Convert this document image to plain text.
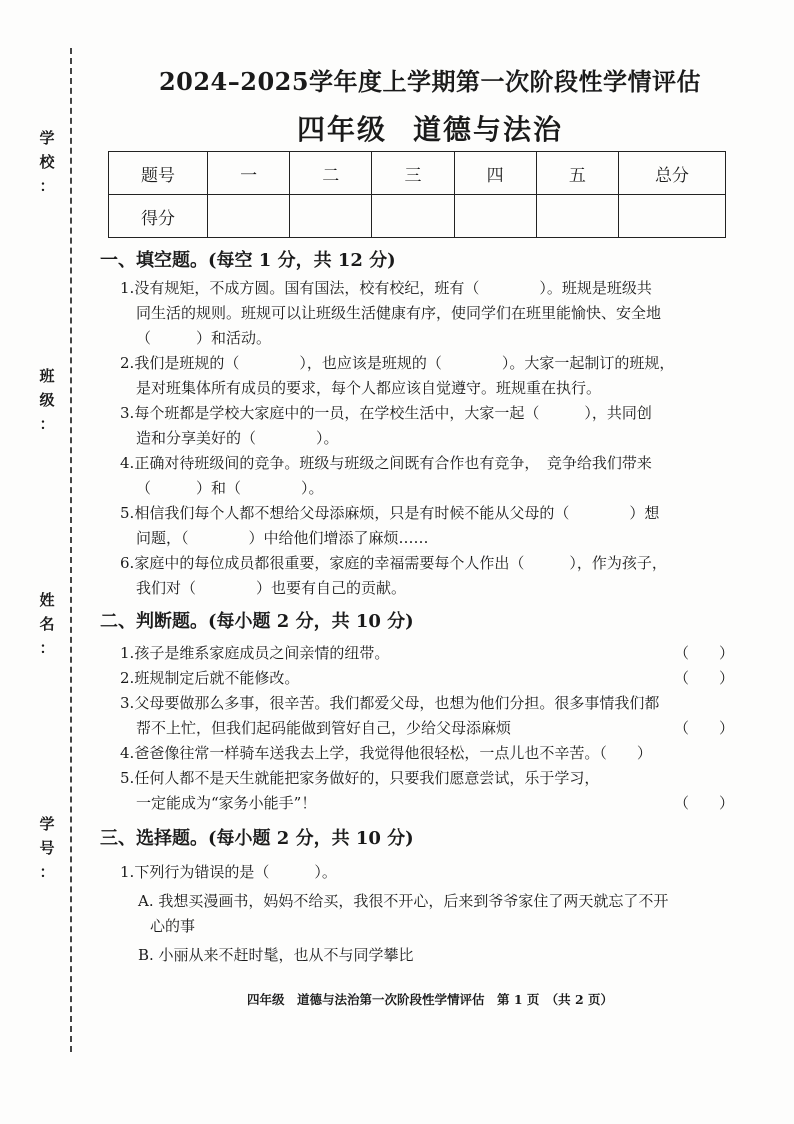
学
校
：
班
级
：
姓
名
：
学
号
：
2024–2025学年度上学期第一次阶段性学情评估
四年级 道德与法治
题号	一	二	三	四	五	总分
得分						
一、填空题。(每空 1 分，共 12 分)
1.没有规矩，不成方圆。国有国法，校有校纪，班有（　　　　）。班规是班级共
同生活的规则。班规可以让班级生活健康有序，使同学们在班里能愉快、安全地
（　　　）和活动。
2.我们是班规的（　　　　），也应该是班规的（　　　　）。大家一起制订的班规，
是对班集体所有成员的要求，每个人都应该自觉遵守。班规重在执行。
3.每个班都是学校大家庭中的一员，在学校生活中，大家一起（　　　），共同创
造和分享美好的（　　　　）。
4.正确对待班级间的竞争。班级与班级之间既有合作也有竞争，　竞争给我们带来
（　　　）和（　　　　）。
5.相信我们每个人都不想给父母添麻烦，只是有时候不能从父母的（　　　　）想
问题，（　　　　）中给他们增添了麻烦……
6.家庭中的每位成员都很重要，家庭的幸福需要每个人作出（　　　），作为孩子，
我们对（　　　　）也要有自己的贡献。
二、判断题。(每小题 2 分，共 10 分)
1.孩子是维系家庭成员之间亲情的纽带。	（　　）
2.班规制定后就不能修改。	（　　）
3.父母要做那么多事，很辛苦。我们都爱父母，也想为他们分担。很多事情我们都
帮不上忙，但我们起码能做到管好自己，少给父母添麻烦	（　　）
4.爸爸像往常一样骑车送我去上学，我觉得他很轻松，一点儿也不辛苦。（　　）
5.任何人都不是天生就能把家务做好的，只要我们愿意尝试，乐于学习，
一定能成为“家务小能手”！	（　　）
三、选择题。(每小题 2 分，共 10 分)
1.下列行为错误的是（　　　）。
A. 我想买漫画书，妈妈不给买，我很不开心，后来到爷爷家住了两天就忘了不开
心的事
B. 小丽从来不赶时髦，也从不与同学攀比
四年级　道德与法治第一次阶段性学情评估　第 1 页　（共 2 页）
